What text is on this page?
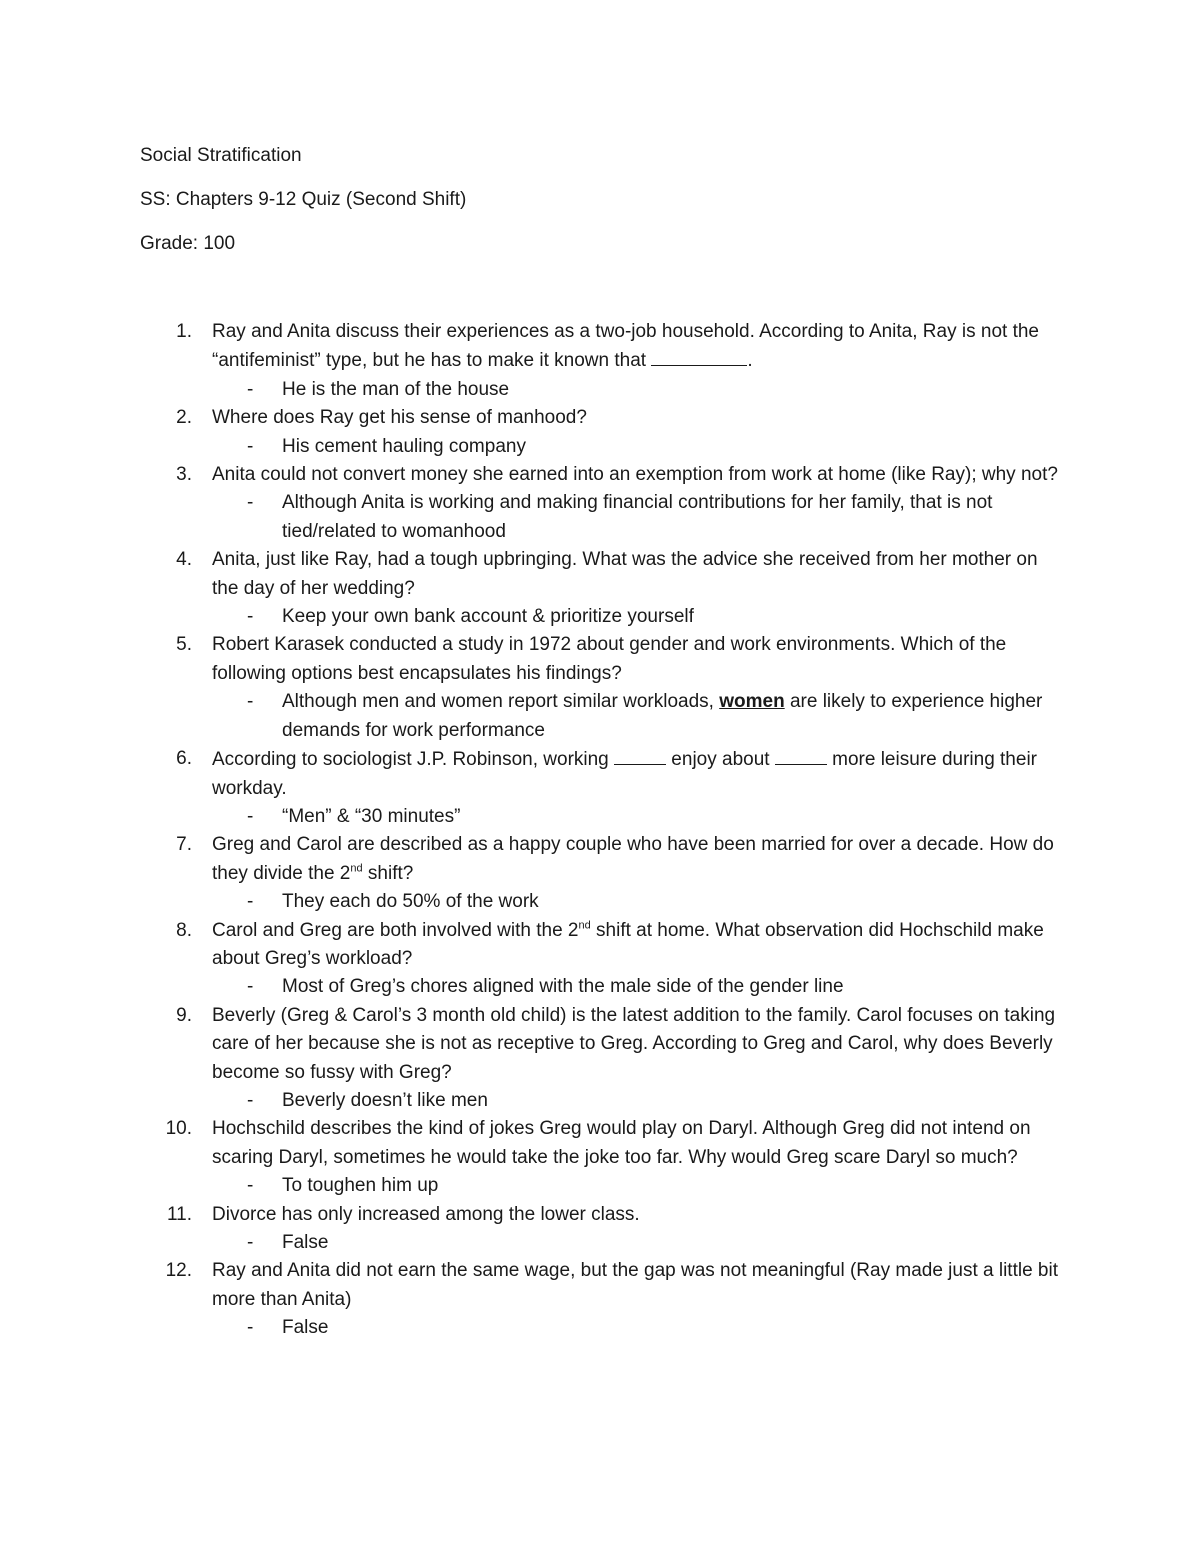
Social Stratification
SS: Chapters 9-12 Quiz (Second Shift)
Grade: 100
1. Ray and Anita discuss their experiences as a two-job household. According to Anita, Ray is not the “antifeminist” type, but he has to make it known that	.
- He is the man of the house
2. Where does Ray get his sense of manhood?
- His cement hauling company
3. Anita could not convert money she earned into an exemption from work at home (like Ray); why not?
- Although Anita is working and making financial contributions for her family, that is not tied/related to womanhood
4. Anita, just like Ray, had a tough upbringing. What was the advice she received from her mother on the day of her wedding?
- Keep your own bank account & prioritize yourself
5. Robert Karasek conducted a study in 1972 about gender and work environments. Which of the following options best encapsulates his findings?
- Although men and women report similar workloads, women are likely to experience higher demands for work performance
6. According to sociologist J.P. Robinson, working	enjoy about	more leisure during their workday.
- “Men” & “30 minutes”
7. Greg and Carol are described as a happy couple who have been married for over a decade. How do they divide the 2nd shift?
- They each do 50% of the work
8. Carol and Greg are both involved with the 2nd shift at home. What observation did Hochschild make about Greg’s workload?
- Most of Greg’s chores aligned with the male side of the gender line
9. Beverly (Greg & Carol’s 3 month old child) is the latest addition to the family. Carol focuses on taking care of her because she is not as receptive to Greg. According to Greg and Carol, why does Beverly become so fussy with Greg?
- Beverly doesn’t like men
10. Hochschild describes the kind of jokes Greg would play on Daryl. Although Greg did not intend on scaring Daryl, sometimes he would take the joke too far. Why would Greg scare Daryl so much?
- To toughen him up
11. Divorce has only increased among the lower class.
- False
12. Ray and Anita did not earn the same wage, but the gap was not meaningful (Ray made just a little bit more than Anita)
- False
